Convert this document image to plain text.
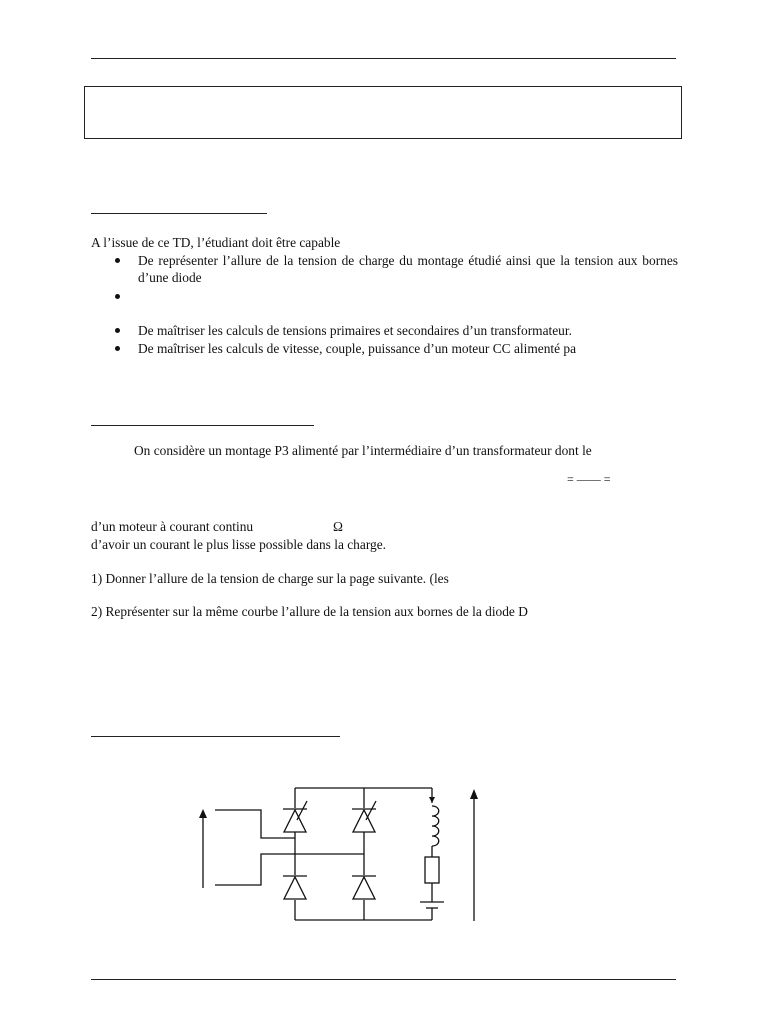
A l’issue de ce TD, l’étudiant doit être capable
De représenter l’allure de la tension de charge du montage étudié ainsi que la tension aux bornes d’une diode
De maîtriser les calculs de tensions primaires et secondaires d’un transformateur.
De maîtriser les calculs de vitesse, couple, puissance d’un moteur CC alimenté pa
On considère un montage P3 alimenté par l’intermédiaire d’un transformateur dont le
= —— =
d’un moteur à courant continu	Ω
d’avoir un courant le plus lisse possible dans la charge.
1) Donner l’allure de la tension de charge sur la page suivante. (les
2) Représenter sur la même courbe l’allure de la tension aux bornes de la diode D
